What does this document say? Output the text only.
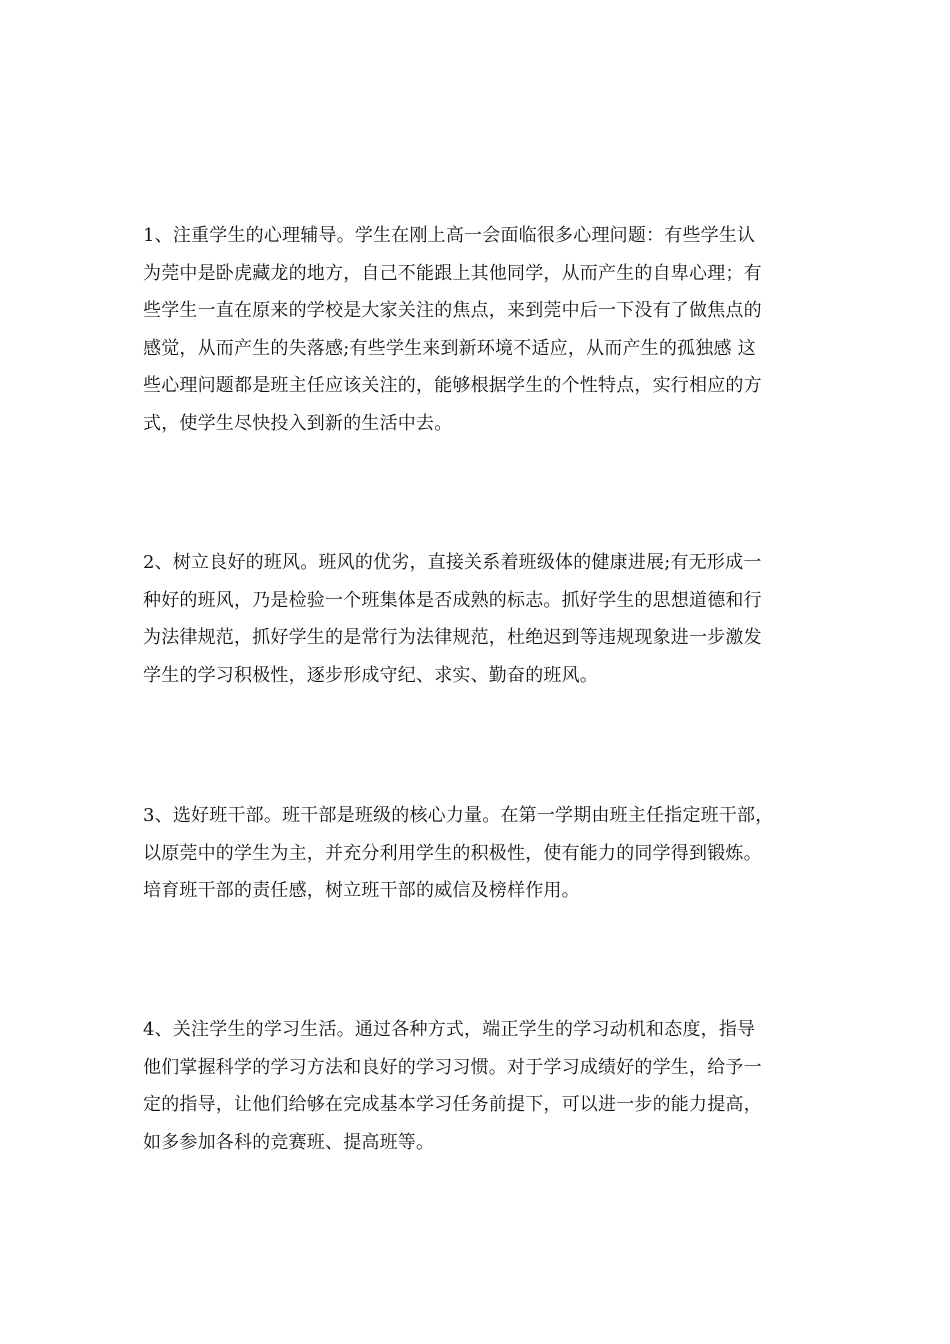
1、注重学生的心理辅导。学生在刚上高一会面临很多心理问题：有些学生认
为莞中是卧虎藏龙的地方，自己不能跟上其他同学，从而产生的自卑心理；有
些学生一直在原来的学校是大家关注的焦点，来到莞中后一下没有了做焦点的
感觉，从而产生的失落感;有些学生来到新环境不适应，从而产生的孤独感 这
些心理问题都是班主任应该关注的，能够根据学生的个性特点，实行相应的方
式，使学生尽快投入到新的生活中去。

2、树立良好的班风。班风的优劣，直接关系着班级体的健康进展;有无形成一
种好的班风，乃是检验一个班集体是否成熟的标志。抓好学生的思想道德和行
为法律规范，抓好学生的是常行为法律规范，杜绝迟到等违规现象进一步激发
学生的学习积极性，逐步形成守纪、求实、勤奋的班风。

3、选好班干部。班干部是班级的核心力量。在第一学期由班主任指定班干部，
以原莞中的学生为主，并充分利用学生的积极性，使有能力的同学得到锻炼。
培育班干部的责任感，树立班干部的威信及榜样作用。

4、关注学生的学习生活。通过各种方式，端正学生的学习动机和态度，指导
他们掌握科学的学习方法和良好的学习习惯。对于学习成绩好的学生，给予一
定的指导，让他们给够在完成基本学习任务前提下，可以进一步的能力提高，
如多参加各科的竞赛班、提高班等。
